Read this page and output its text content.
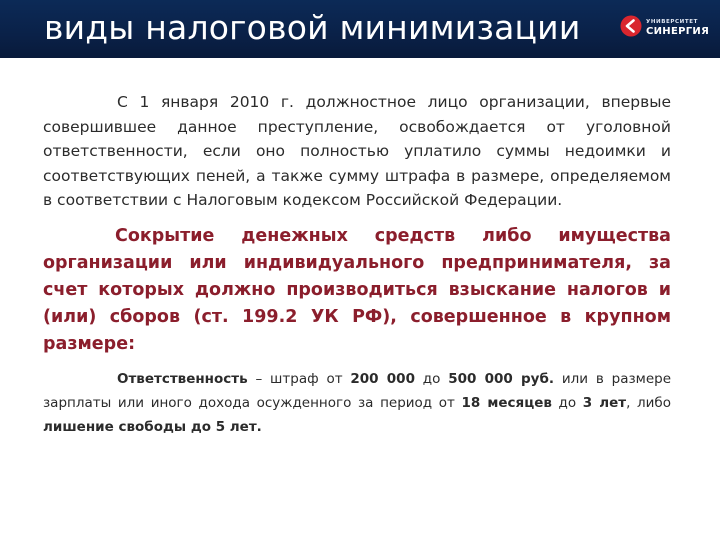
виды налоговой минимизации	УНИВЕРСИТЕТ
СИНЕРГИЯ

С 1 января 2010 г. должностное лицо организации, впервые совершившее данное преступление, освобождается от уголовной ответственности, если оно полностью уплатило суммы недоимки и соответствующих пеней, а также сумму штрафа в размере, определяемом в соответствии с Налоговым кодексом Российской Федерации.

Сокрытие денежных средств либо имущества организации или индивидуального предпринимателя, за счет которых должно производиться взыскание налогов и (или) сборов (ст. 199.2 УК РФ), совершенное в крупном размере:

Ответственность – штраф от 200 000 до 500 000 руб. или в размере зарплаты или иного дохода осужденного за период от 18 месяцев до 3 лет, либо лишение свободы до 5 лет.
